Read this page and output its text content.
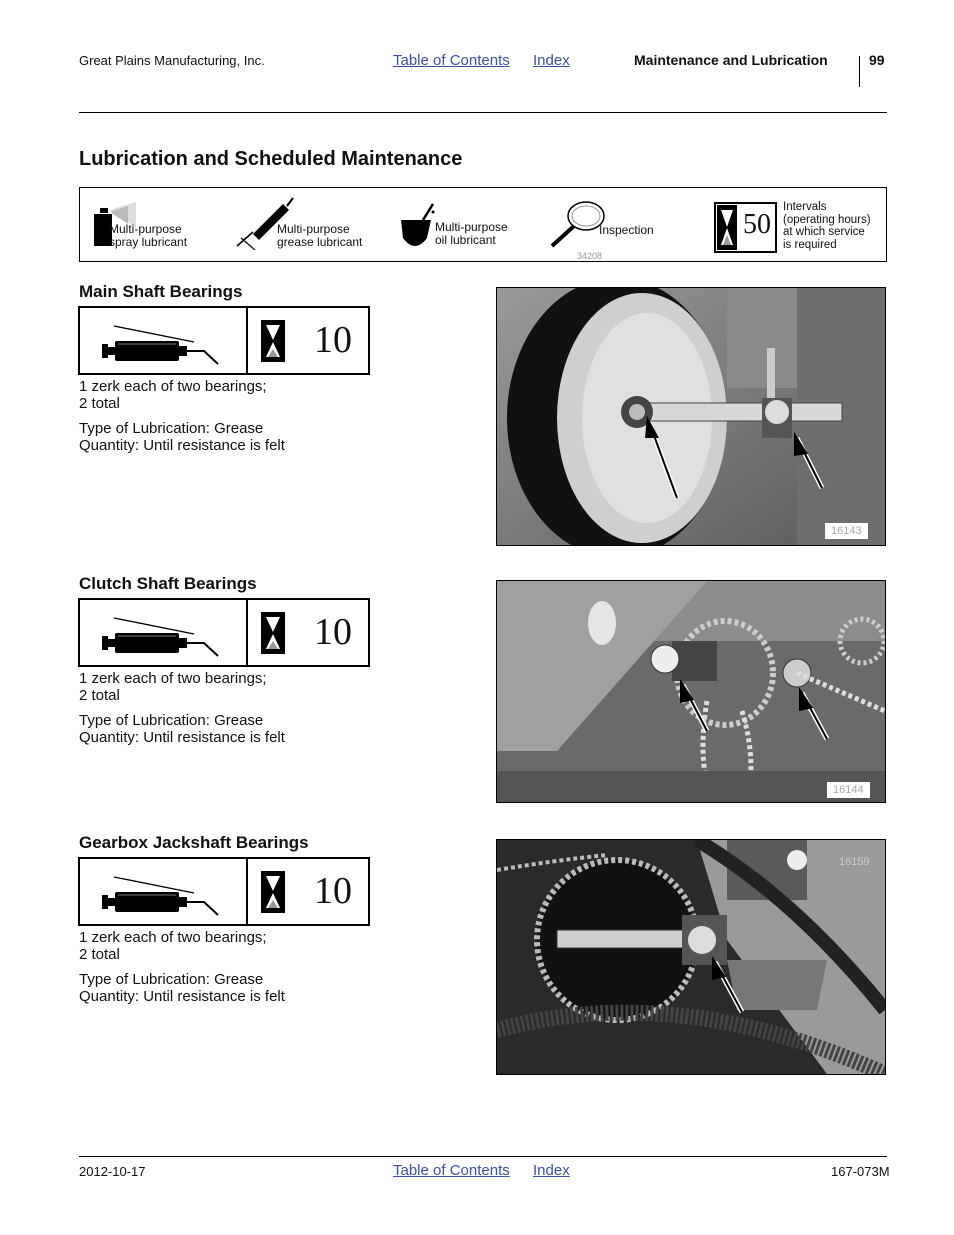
Great Plains Manufacturing, Inc.	Table of Contents Index	Maintenance and Lubrication	99
Lubrication and Scheduled Maintenance
Multi-purpose
spray lubricant
Multi-purpose
grease lubricant
Multi-purpose
oil lubricant
Inspection
34208
50
Intervals
(operating hours)
at which service
is required
Main Shaft Bearings
10
1 zerk each of two bearings;
2 total
Type of Lubrication: Grease
Quantity: Until resistance is felt
16143
Clutch Shaft Bearings
10
1 zerk each of two bearings;
2 total
Type of Lubrication: Grease
Quantity: Until resistance is felt
16144
Gearbox Jackshaft Bearings
10
1 zerk each of two bearings;
2 total
Type of Lubrication: Grease
Quantity: Until resistance is felt
16159
2012-10-17	Table of Contents Index	167-073M
